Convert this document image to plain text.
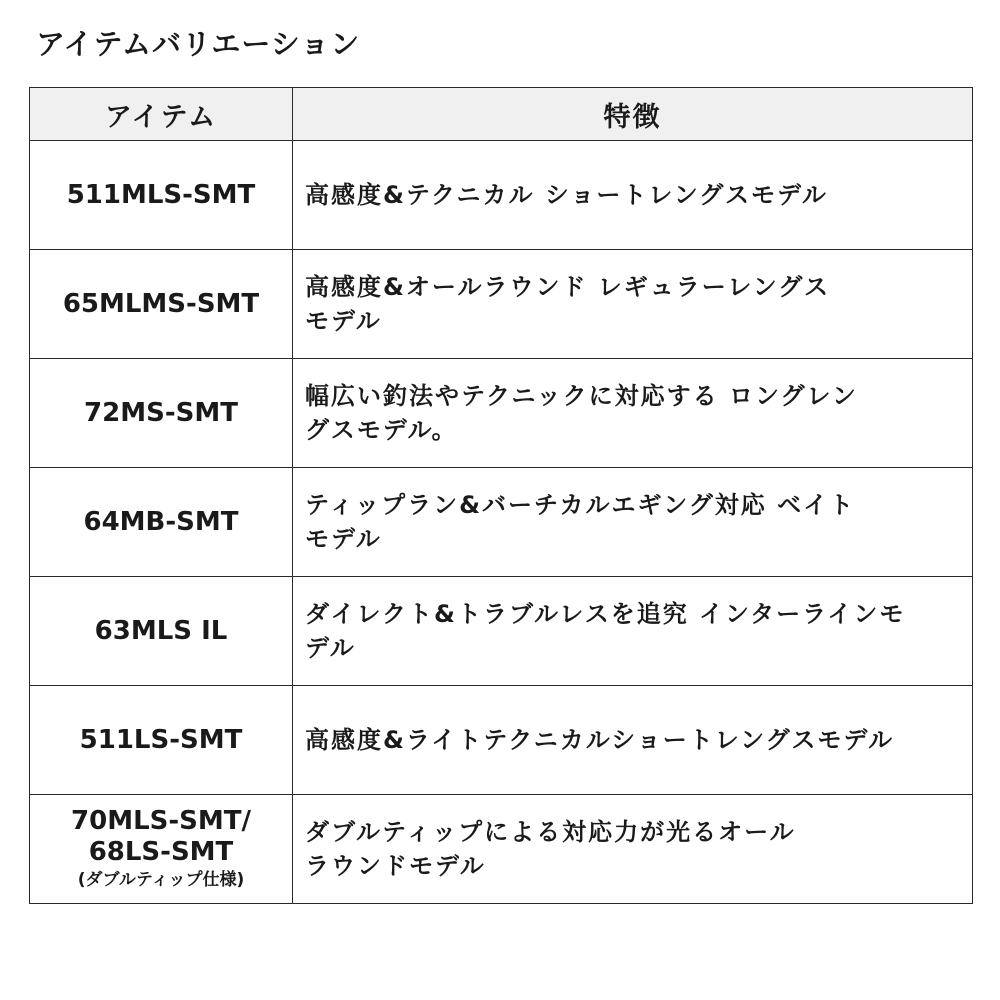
アイテムバリエーション
アイテム	特徴

511MLS-SMT	高感度&テクニカル ショートレングスモデル

65MLMS-SMT	高感度&オールラウンド レギュラーレングス
モデル

72MS-SMT	幅広い釣法やテクニックに対応する ロングレン
グスモデル。

64MB-SMT	ティップラン&バーチカルエギング対応 ベイト
モデル

63MLS IL	ダイレクト&トラブルレスを追究 インターラインモ
デル

511LS-SMT	高感度&ライトテクニカルショートレングスモデル

70MLS-SMT/
68LS-SMT
(ダブルティップ仕様)	ダブルティップによる対応力が光るオール
ラウンドモデル
